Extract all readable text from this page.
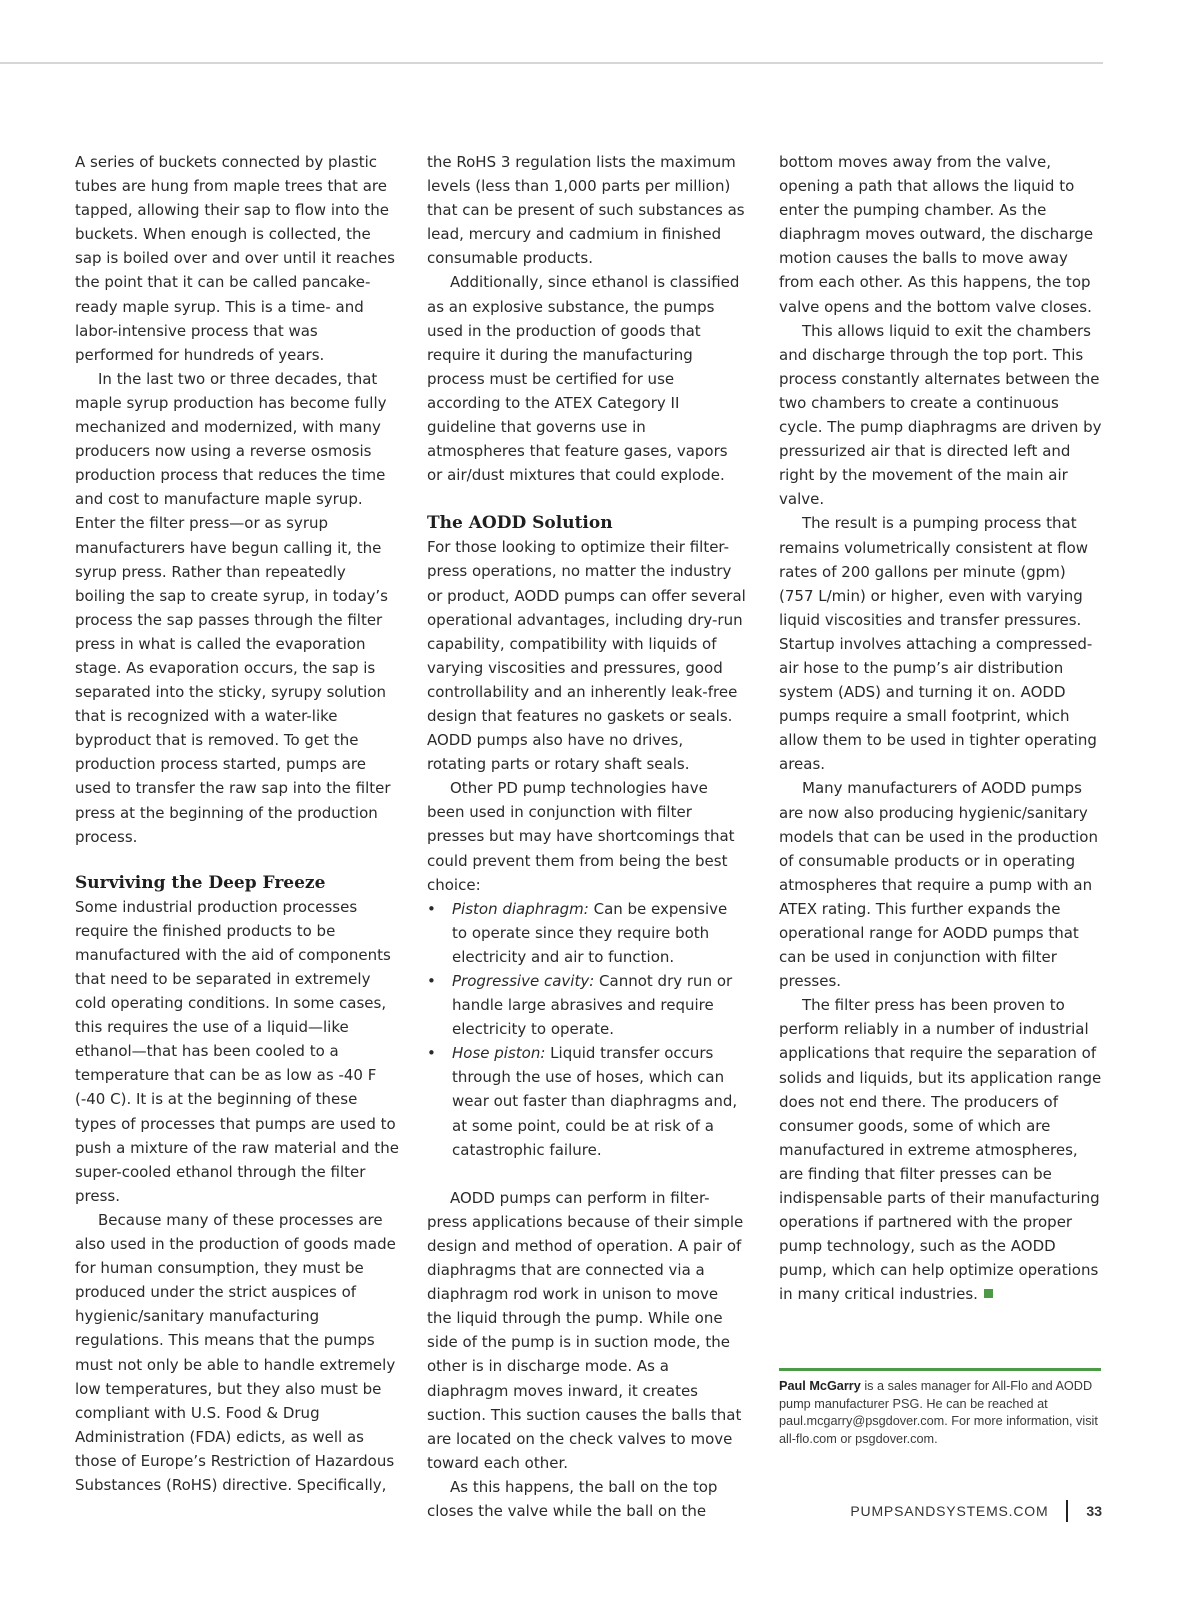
A series of buckets connected by plastic tubes are hung from maple trees that are tapped, allowing their sap to flow into the buckets. When enough is collected, the sap is boiled over and over until it reaches the point that it can be called pancake-ready maple syrup. This is a time- and labor-intensive process that was performed for hundreds of years.

In the last two or three decades, that maple syrup production has become fully mechanized and modernized, with many producers now using a reverse osmosis production process that reduces the time and cost to manufacture maple syrup. Enter the filter press—or as syrup manufacturers have begun calling it, the syrup press. Rather than repeatedly boiling the sap to create syrup, in today’s process the sap passes through the filter press in what is called the evaporation stage. As evaporation occurs, the sap is separated into the sticky, syrupy solution that is recognized with a water-like byproduct that is removed. To get the production process started, pumps are used to transfer the raw sap into the filter press at the beginning of the production process.

Surviving the Deep Freeze

Some industrial production processes require the finished products to be manufactured with the aid of components that need to be separated in extremely cold operating conditions. In some cases, this requires the use of a liquid—like ethanol—that has been cooled to a temperature that can be as low as -40 F (-40 C). It is at the beginning of these types of processes that pumps are used to push a mixture of the raw material and the super-cooled ethanol through the filter press.

Because many of these processes are also used in the production of goods made for human consumption, they must be produced under the strict auspices of hygienic/sanitary manufacturing regulations. This means that the pumps must not only be able to handle extremely low temperatures, but they also must be compliant with U.S. Food & Drug Administration (FDA) edicts, as well as those of Europe’s Restriction of Hazardous Substances (RoHS) directive. Specifically,

the RoHS 3 regulation lists the maximum levels (less than 1,000 parts per million) that can be present of such substances as lead, mercury and cadmium in finished consumable products.

Additionally, since ethanol is classified as an explosive substance, the pumps used in the production of goods that require it during the manufacturing process must be certified for use according to the ATEX Category II guideline that governs use in atmospheres that feature gases, vapors or air/dust mixtures that could explode.

The AODD Solution

For those looking to optimize their filter-press operations, no matter the industry or product, AODD pumps can offer several operational advantages, including dry-run capability, compatibility with liquids of varying viscosities and pressures, good controllability and an inherently leak-free design that features no gaskets or seals. AODD pumps also have no drives, rotating parts or rotary shaft seals.

Other PD pump technologies have been used in conjunction with filter presses but may have shortcomings that could prevent them from being the best choice:

• Piston diaphragm: Can be expensive to operate since they require both electricity and air to function.
• Progressive cavity: Cannot dry run or handle large abrasives and require electricity to operate.
• Hose piston: Liquid transfer occurs through the use of hoses, which can wear out faster than diaphragms and, at some point, could be at risk of a catastrophic failure.

AODD pumps can perform in filter-press applications because of their simple design and method of operation. A pair of diaphragms that are connected via a diaphragm rod work in unison to move the liquid through the pump. While one side of the pump is in suction mode, the other is in discharge mode. As a diaphragm moves inward, it creates suction. This suction causes the balls that are located on the check valves to move toward each other.

As this happens, the ball on the top closes the valve while the ball on the

bottom moves away from the valve, opening a path that allows the liquid to enter the pumping chamber. As the diaphragm moves outward, the discharge motion causes the balls to move away from each other. As this happens, the top valve opens and the bottom valve closes.

This allows liquid to exit the chambers and discharge through the top port. This process constantly alternates between the two chambers to create a continuous cycle. The pump diaphragms are driven by pressurized air that is directed left and right by the movement of the main air valve.

The result is a pumping process that remains volumetrically consistent at flow rates of 200 gallons per minute (gpm) (757 L/min) or higher, even with varying liquid viscosities and transfer pressures. Startup involves attaching a compressed-air hose to the pump’s air distribution system (ADS) and turning it on. AODD pumps require a small footprint, which allow them to be used in tighter operating areas.

Many manufacturers of AODD pumps are now also producing hygienic/sanitary models that can be used in the production of consumable products or in operating atmospheres that require a pump with an ATEX rating. This further expands the operational range for AODD pumps that can be used in conjunction with filter presses.

The filter press has been proven to perform reliably in a number of industrial applications that require the separation of solids and liquids, but its application range does not end there. The producers of consumer goods, some of which are manufactured in extreme atmospheres, are finding that filter presses can be indispensable parts of their manufacturing operations if partnered with the proper pump technology, such as the AODD pump, which can help optimize operations in many critical industries.

Paul McGarry is a sales manager for All-Flo and AODD pump manufacturer PSG. He can be reached at paul.mcgarry@psgdover.com. For more information, visit all-flo.com or psgdover.com.
PUMPSANDSYSTEMS.COM	33
